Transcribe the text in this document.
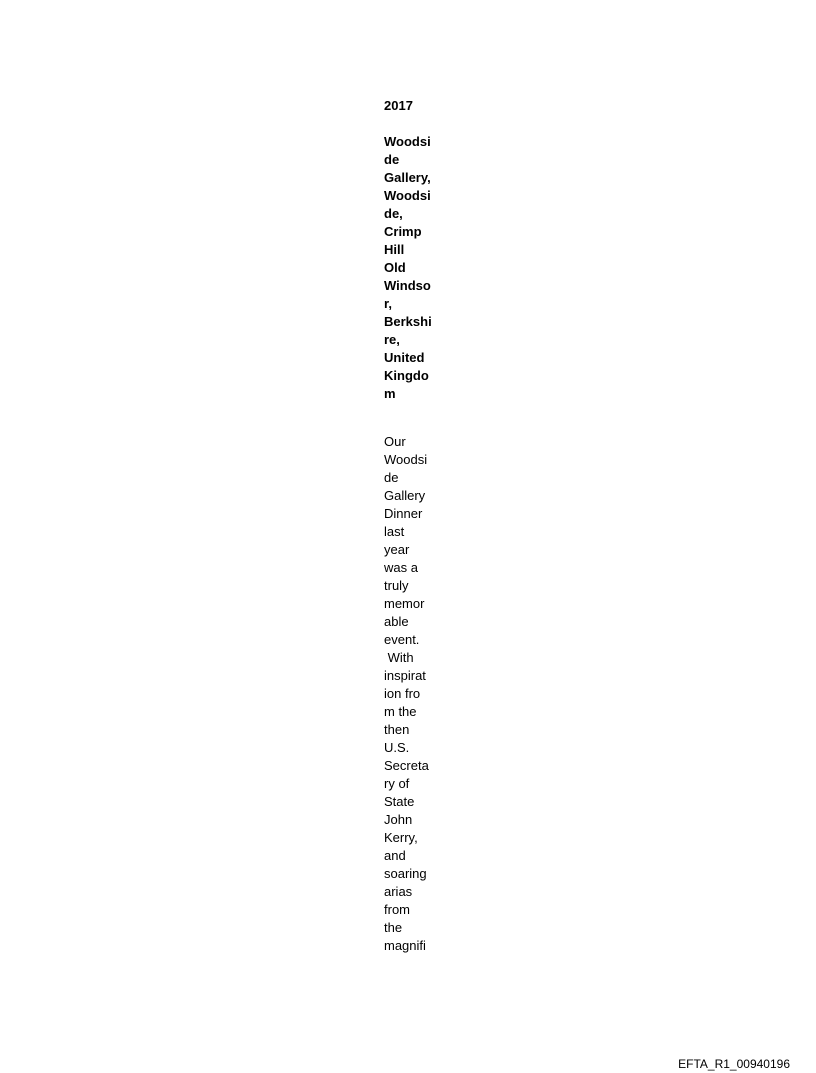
2017
Woodsi
de
Gallery,
Woodsi
de,
Crimp
Hill
Old
Windso
r,
Berkshi
re,
United
Kingdo
m
Our
Woodsi
de
Gallery
Dinner
last
year
was a
truly
memor
able
event.
With
inspirat
ion fro
m the
then
U.S.
Secreta
ry of
State
John
Kerry,
and
soaring
arias
from
the
magnifi
EFTA_R1_00940196
